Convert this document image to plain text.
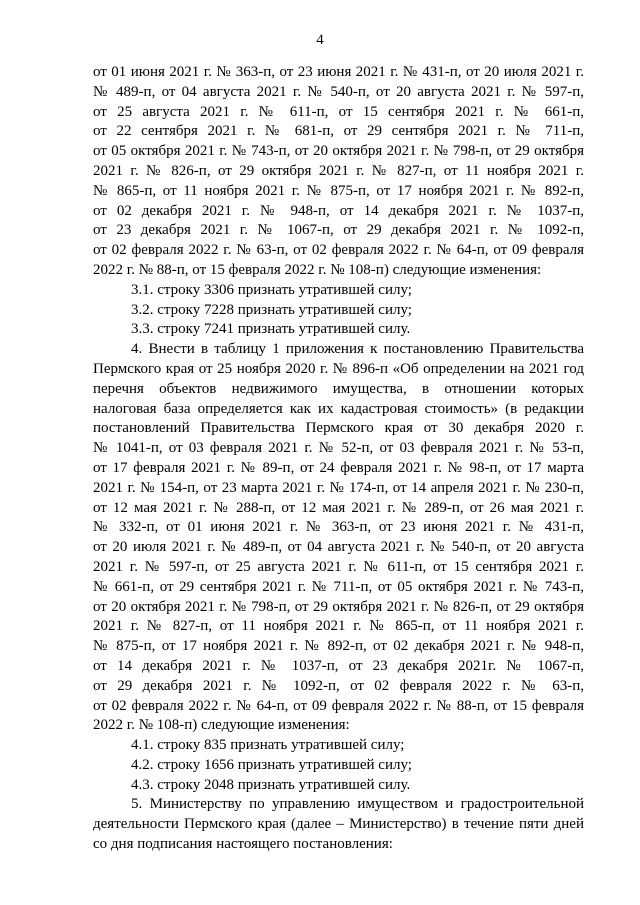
4
от 01 июня 2021 г. № 363-п, от 23 июня 2021 г. № 431-п, от 20 июля 2021 г.
№ 489-п, от 04 августа 2021 г. № 540-п, от 20 августа 2021 г. № 597-п,
от 25 августа 2021 г. № 611-п, от 15 сентября 2021 г. № 661-п,
от 22 сентября 2021 г. № 681-п, от 29 сентября 2021 г. № 711-п,
от 05 октября 2021 г. № 743-п, от 20 октября 2021 г. № 798-п, от 29 октября
2021 г. № 826-п, от 29 октября 2021 г. № 827-п, от 11 ноября 2021 г.
№ 865-п, от 11 ноября 2021 г. № 875-п, от 17 ноября 2021 г. № 892-п,
от 02 декабря 2021 г. № 948-п, от 14 декабря 2021 г. № 1037-п,
от 23 декабря 2021 г. № 1067-п, от 29 декабря 2021 г. № 1092-п,
от 02 февраля 2022 г. № 63-п, от 02 февраля 2022 г. № 64-п, от 09 февраля
2022 г. № 88-п, от 15 февраля 2022 г. № 108-п) следующие изменения:
3.1. строку 3306 признать утратившей силу;
3.2. строку 7228 признать утратившей силу;
3.3. строку 7241 признать утратившей силу.
4. Внести в таблицу 1 приложения к постановлению Правительства
Пермского края от 25 ноября 2020 г. № 896-п «Об определении на 2021 год
перечня объектов недвижимого имущества, в отношении которых
налоговая база определяется как их кадастровая стоимость» (в редакции
постановлений Правительства Пермского края от 30 декабря 2020 г.
№ 1041-п, от 03 февраля 2021 г. № 52-п, от 03 февраля 2021 г. № 53-п,
от 17 февраля 2021 г. № 89-п, от 24 февраля 2021 г. № 98-п, от 17 марта
2021 г. № 154-п, от 23 марта 2021 г. № 174-п, от 14 апреля 2021 г. № 230-п,
от 12 мая 2021 г. № 288-п, от 12 мая 2021 г. № 289-п, от 26 мая 2021 г.
№ 332-п, от 01 июня 2021 г. № 363-п, от 23 июня 2021 г. № 431-п,
от 20 июля 2021 г. № 489-п, от 04 августа 2021 г. № 540-п, от 20 августа
2021 г. № 597-п, от 25 августа 2021 г. № 611-п, от 15 сентября 2021 г.
№ 661-п, от 29 сентября 2021 г. № 711-п, от 05 октября 2021 г. № 743-п,
от 20 октября 2021 г. № 798-п, от 29 октября 2021 г. № 826-п, от 29 октября
2021 г. № 827-п, от 11 ноября 2021 г. № 865-п, от 11 ноября 2021 г.
№ 875-п, от 17 ноября 2021 г. № 892-п, от 02 декабря 2021 г. № 948-п,
от 14 декабря 2021 г. № 1037-п, от 23 декабря 2021г. № 1067-п,
от 29 декабря 2021 г. № 1092-п, от 02 февраля 2022 г. № 63-п,
от 02 февраля 2022 г. № 64-п, от 09 февраля 2022 г. № 88-п, от 15 февраля
2022 г. № 108-п) следующие изменения:
4.1. строку 835 признать утратившей силу;
4.2. строку 1656 признать утратившей силу;
4.3. строку 2048 признать утратившей силу.
5. Министерству по управлению имуществом и градостроительной
деятельности Пермского края (далее – Министерство) в течение пяти дней
со дня подписания настоящего постановления:
